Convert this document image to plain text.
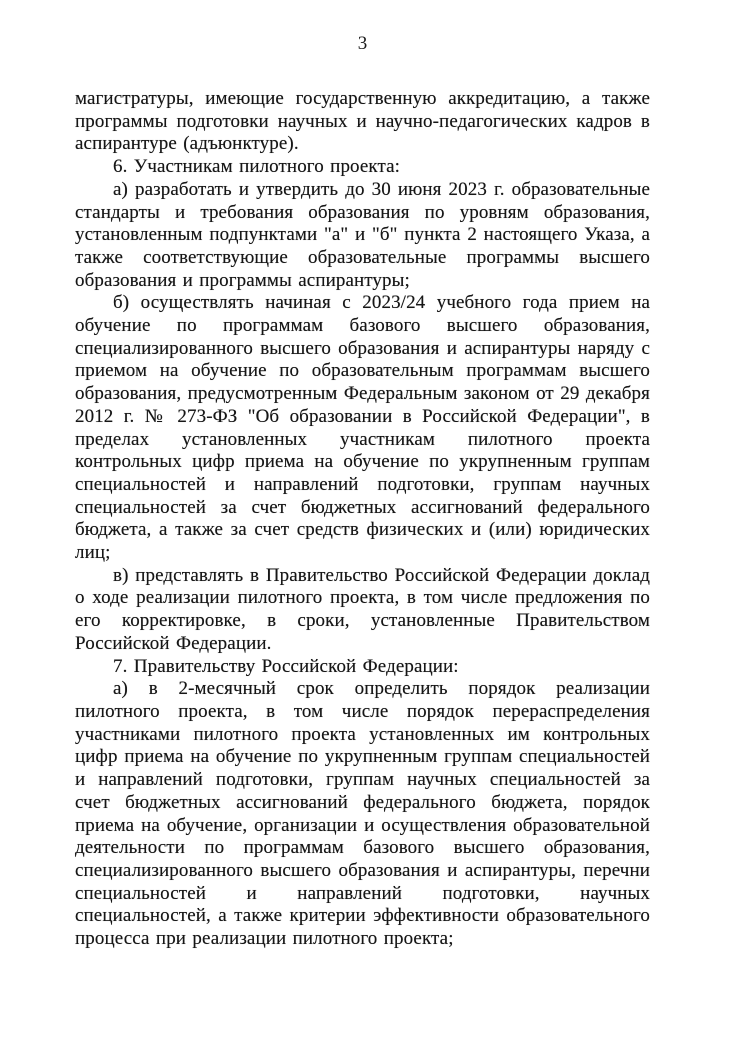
3

магистратуры, имеющие государственную аккредитацию, а также программы подготовки научных и научно-педагогических кадров в аспирантуре (адъюнктуре).

6. Участникам пилотного проекта:

а) разработать и утвердить до 30 июня 2023 г. образовательные стандарты и требования образования по уровням образования, установленным подпунктами "а" и "б" пункта 2 настоящего Указа, а также соответствующие образовательные программы высшего образования и программы аспирантуры;

б) осуществлять начиная с 2023/24 учебного года прием на обучение по программам базового высшего образования, специализированного высшего образования и аспирантуры наряду с приемом на обучение по образовательным программам высшего образования, предусмотренным Федеральным законом от 29 декабря 2012 г. № 273-ФЗ "Об образовании в Российской Федерации", в пределах установленных участникам пилотного проекта контрольных цифр приема на обучение по укрупненным группам специальностей и направлений подготовки, группам научных специальностей за счет бюджетных ассигнований федерального бюджета, а также за счет средств физических и (или) юридических лиц;

в) представлять в Правительство Российской Федерации доклад о ходе реализации пилотного проекта, в том числе предложения по его корректировке, в сроки, установленные Правительством Российской Федерации.

7. Правительству Российской Федерации:

а) в 2-месячный срок определить порядок реализации пилотного проекта, в том числе порядок перераспределения участниками пилотного проекта установленных им контрольных цифр приема на обучение по укрупненным группам специальностей и направлений подготовки, группам научных специальностей за счет бюджетных ассигнований федерального бюджета, порядок приема на обучение, организации и осуществления образовательной деятельности по программам базового высшего образования, специализированного высшего образования и аспирантуры, перечни специальностей и направлений подготовки, научных специальностей, а также критерии эффективности образовательного процесса при реализации пилотного проекта;
